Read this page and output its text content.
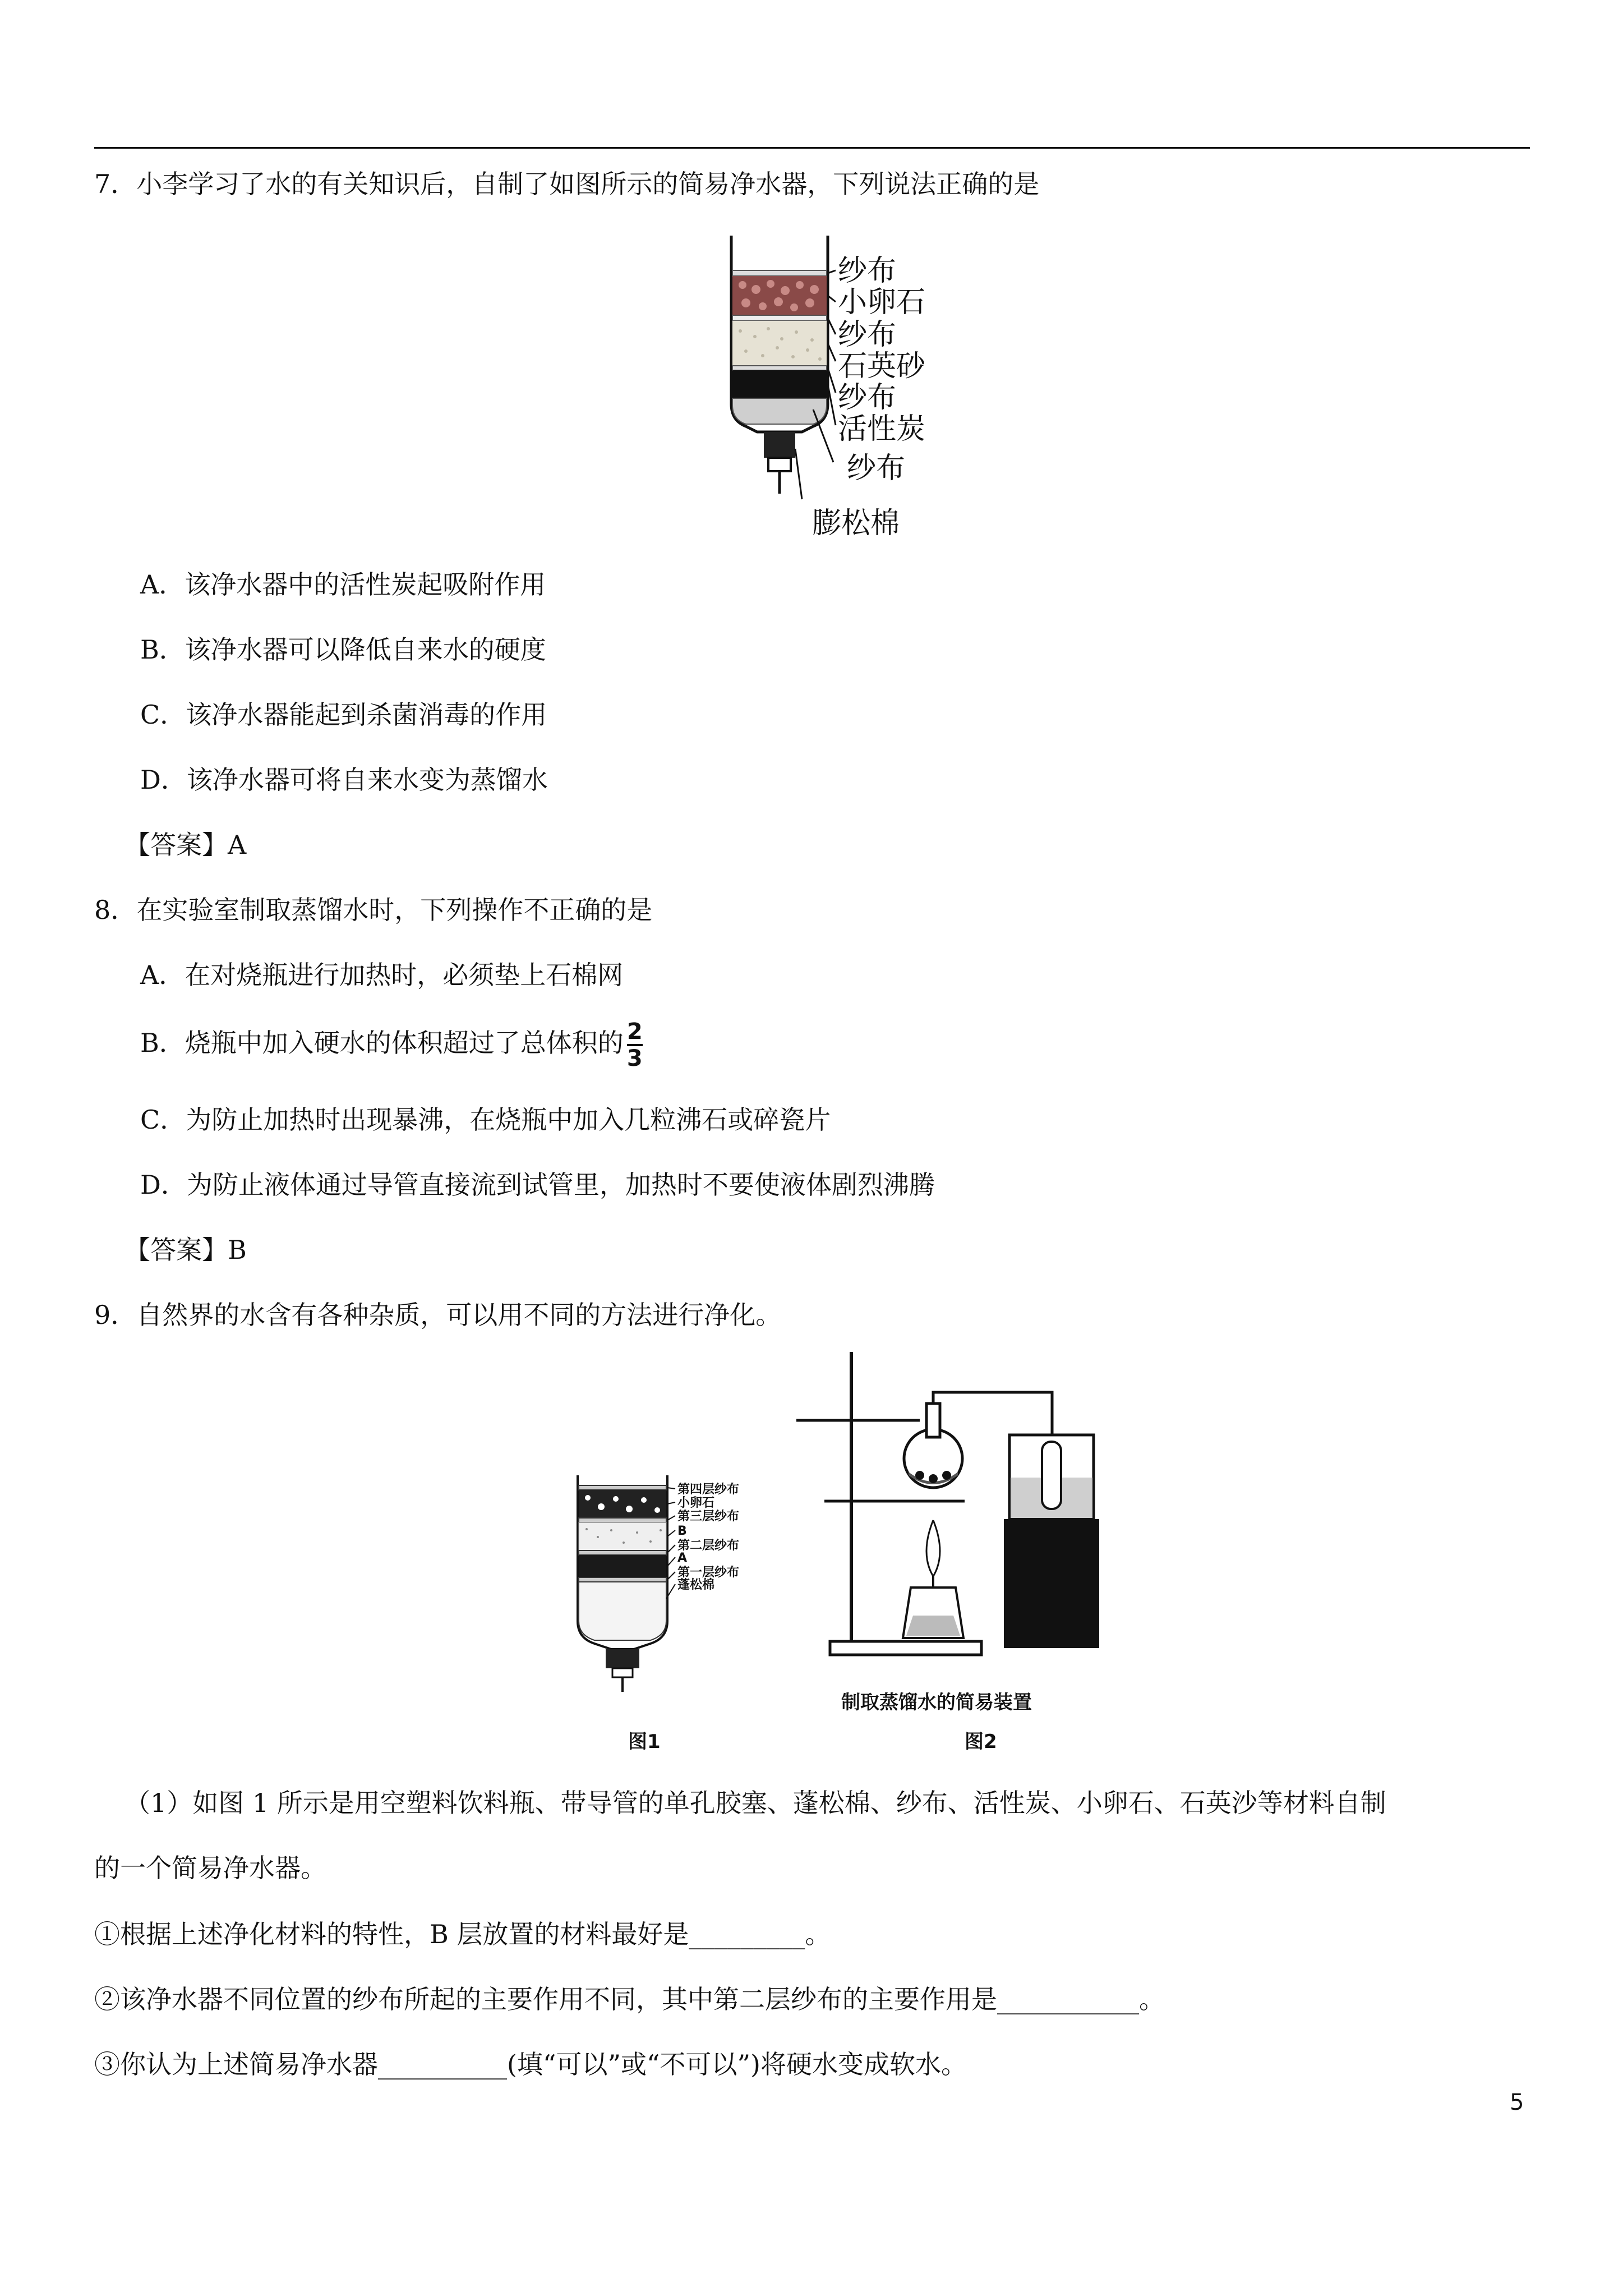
7．小李学习了水的有关知识后，自制了如图所示的简易净水器，下列说法正确的是
纱布
小卵石
纱布
石英砂
纱布
活性炭
纱布
膨松棉
A．该净水器中的活性炭起吸附作用
B．该净水器可以降低自来水的硬度
C．该净水器能起到杀菌消毒的作用
D．该净水器可将自来水变为蒸馏水
【答案】A
8．在实验室制取蒸馏水时，下列操作不正确的是
A．在对烧瓶进行加热时，必须垫上石棉网
B．烧瓶中加入硬水的体积超过了总体积的 $\frac{2}{3}$
C．为防止加热时出现暴沸，在烧瓶中加入几粒沸石或碎瓷片
D．为防止液体通过导管直接流到试管里，加热时不要使液体剧烈沸腾
【答案】B
9．自然界的水含有各种杂质，可以用不同的方法进行净化。
第四层纱布
小卵石
第三层纱布
B
第二层纱布
A
第一层纱布
蓬松棉
制取蒸馏水的简易装置
图1	图2
（1）如图 1 所示是用空塑料饮料瓶、带导管的单孔胶塞、蓬松棉、纱布、活性炭、小卵石、石英沙等材料自制
的一个简易净水器。
①根据上述净化材料的特性，B 层放置的材料最好是_________。
②该净水器不同位置的纱布所起的主要作用不同，其中第二层纱布的主要作用是___________。
③你认为上述简易净水器__________(填“可以”或“不可以”)将硬水变成软水。
5
